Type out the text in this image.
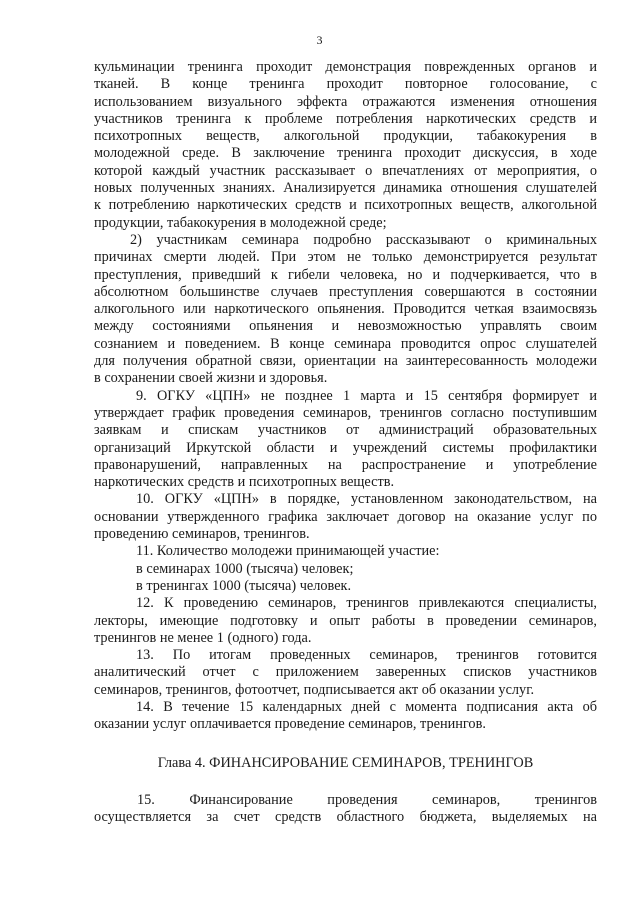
3
кульминации тренинга проходит демонстрация поврежденных органов и
тканей. В конце тренинга проходит повторное голосование, с
использованием визуального эффекта отражаются изменения отношения
участников тренинга к проблеме потребления наркотических средств и
психотропных веществ, алкогольной продукции, табакокурения в
молодежной среде. В заключение тренинга проходит дискуссия, в ходе
которой каждый участник рассказывает о впечатлениях от мероприятия, о
новых полученных знаниях. Анализируется динамика отношения слушателей
к потреблению наркотических средств и психотропных веществ, алкогольной
продукции, табакокурения в молодежной среде;
2) участникам семинара подробно рассказывают о криминальных
причинах смерти людей. При этом не только демонстрируется результат
преступления, приведший к гибели человека, но и подчеркивается, что в
абсолютном большинстве случаев преступления совершаются в состоянии
алкогольного или наркотического опьянения. Проводится четкая взаимосвязь
между состояниями опьянения и невозможностью управлять своим
сознанием и поведением. В конце семинара проводится опрос слушателей
для получения обратной связи, ориентации на заинтересованность молодежи
в сохранении своей жизни и здоровья.
9. ОГКУ «ЦПН» не позднее 1 марта и 15 сентября формирует и
утверждает график проведения семинаров, тренингов согласно поступившим
заявкам и спискам участников от администраций образовательных
организаций Иркутской области и учреждений системы профилактики
правонарушений, направленных на распространение и употребление
наркотических средств и психотропных веществ.
10. ОГКУ «ЦПН» в порядке, установленном законодательством, на
основании утвержденного графика заключает договор на оказание услуг по
проведению семинаров, тренингов.
11. Количество молодежи принимающей участие:
в семинарах 1000 (тысяча) человек;
в тренингах 1000 (тысяча) человек.
12. К проведению семинаров, тренингов привлекаются специалисты,
лекторы, имеющие подготовку и опыт работы в проведении семинаров,
тренингов не менее 1 (одного) года.
13. По итогам проведенных семинаров, тренингов готовится
аналитический отчет с приложением заверенных списков участников
семинаров, тренингов, фотоотчет, подписывается акт об оказании услуг.
14. В течение 15 календарных дней с момента подписания акта об
оказании услуг оплачивается проведение семинаров, тренингов.
Глава 4. ФИНАНСИРОВАНИЕ СЕМИНАРОВ, ТРЕНИНГОВ
15. Финансирование проведения семинаров, тренингов
осуществляется за счет средств областного бюджета, выделяемых на
